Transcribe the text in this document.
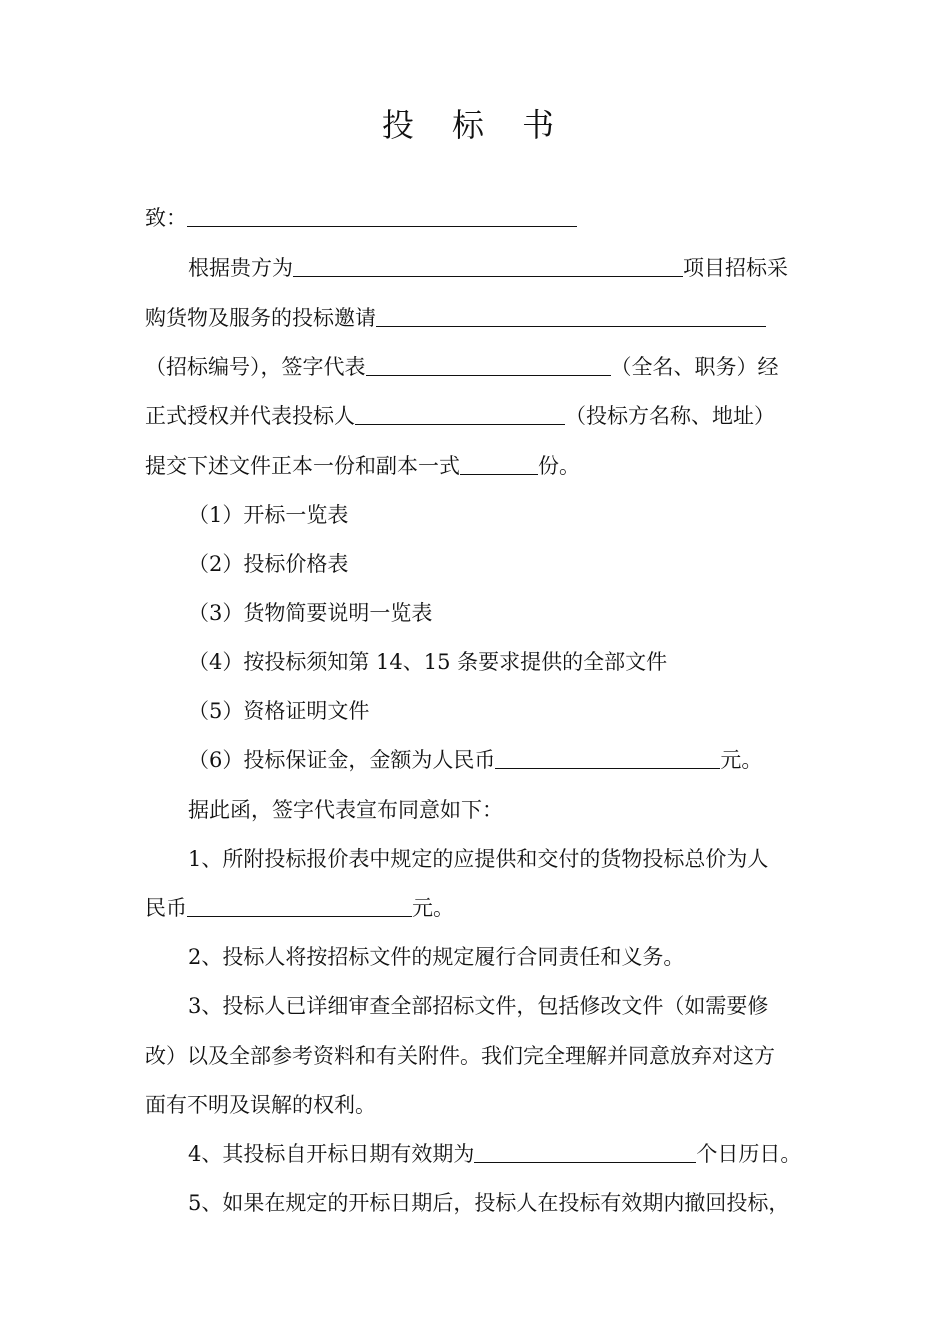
投 标 书
致：
根据贵方为	项目招标采
购货物及服务的投标邀请
（招标编号），签字代表	（全名、职务）经
正式授权并代表投标人	（投标方名称、地址）
提交下述文件正本一份和副本一式	份。
（1）开标一览表
（2）投标价格表
（3）货物简要说明一览表
（4）按投标须知第 14、15 条要求提供的全部文件
（5）资格证明文件
（6）投标保证金，金额为人民币	元。
据此函，签字代表宣布同意如下：
1、所附投标报价表中规定的应提供和交付的货物投标总价为人
民币	元。
2、投标人将按招标文件的规定履行合同责任和义务。
3、投标人已详细审查全部招标文件，包括修改文件（如需要修
改）以及全部参考资料和有关附件。我们完全理解并同意放弃对这方
面有不明及误解的权利。
4、其投标自开标日期有效期为	个日历日。
5、如果在规定的开标日期后，投标人在投标有效期内撤回投标，
